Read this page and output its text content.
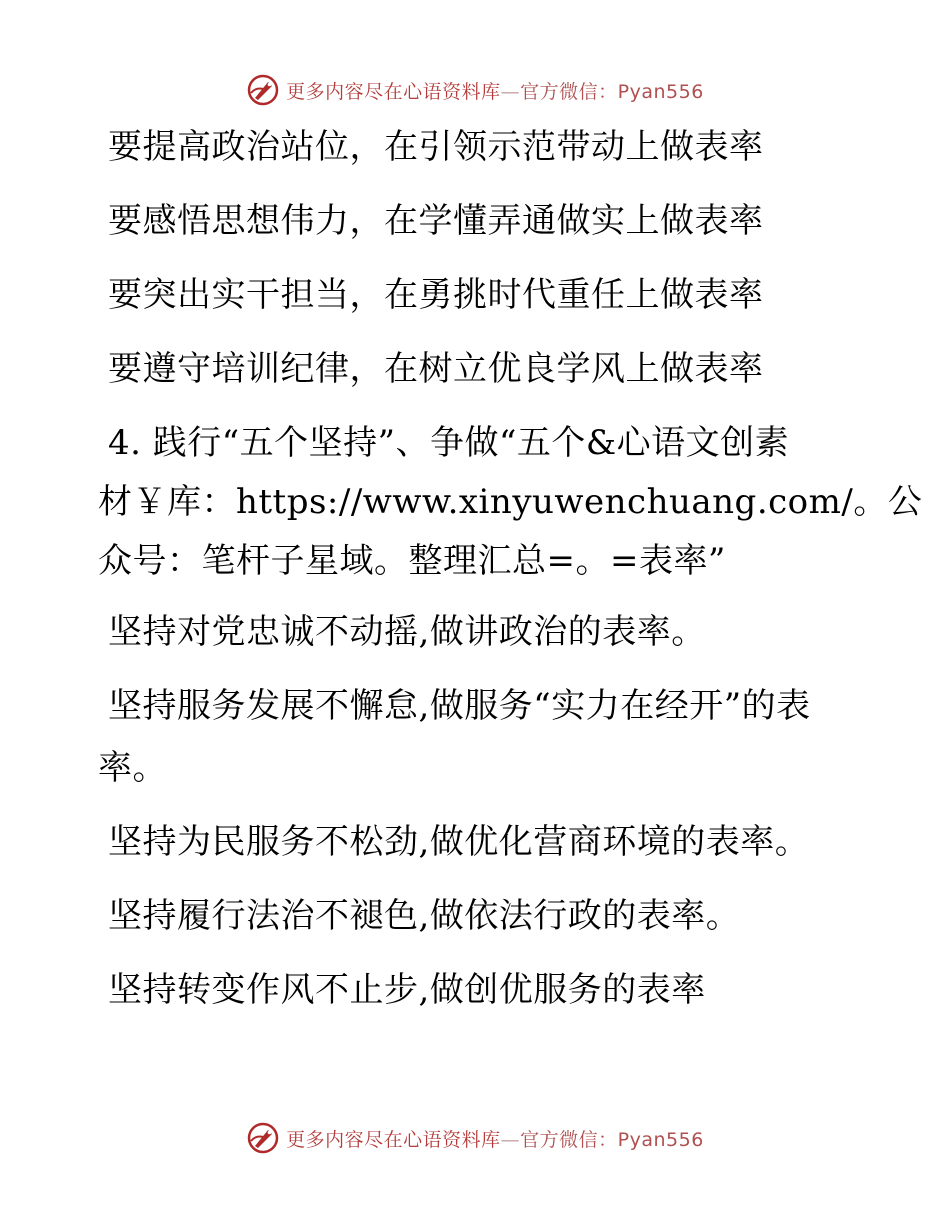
更多内容尽在心语资料库—官方微信：Pyan556
要提高政治站位，在引领示范带动上做表率
要感悟思想伟力，在学懂弄通做实上做表率
要突出实干担当，在勇挑时代重任上做表率
要遵守培训纪律，在树立优良学风上做表率
4. 践行“五个坚持”、争做“五个&心语文创素
材￥库：https://www.xinyuwenchuang.com/。公
众号：笔杆子星域。整理汇总=。=表率”
坚持对党忠诚不动摇,做讲政治的表率。
坚持服务发展不懈怠,做服务“实力在经开”的表
率。
坚持为民服务不松劲,做优化营商环境的表率。
坚持履行法治不褪色,做依法行政的表率。
坚持转变作风不止步,做创优服务的表率
更多内容尽在心语资料库—官方微信：Pyan556
